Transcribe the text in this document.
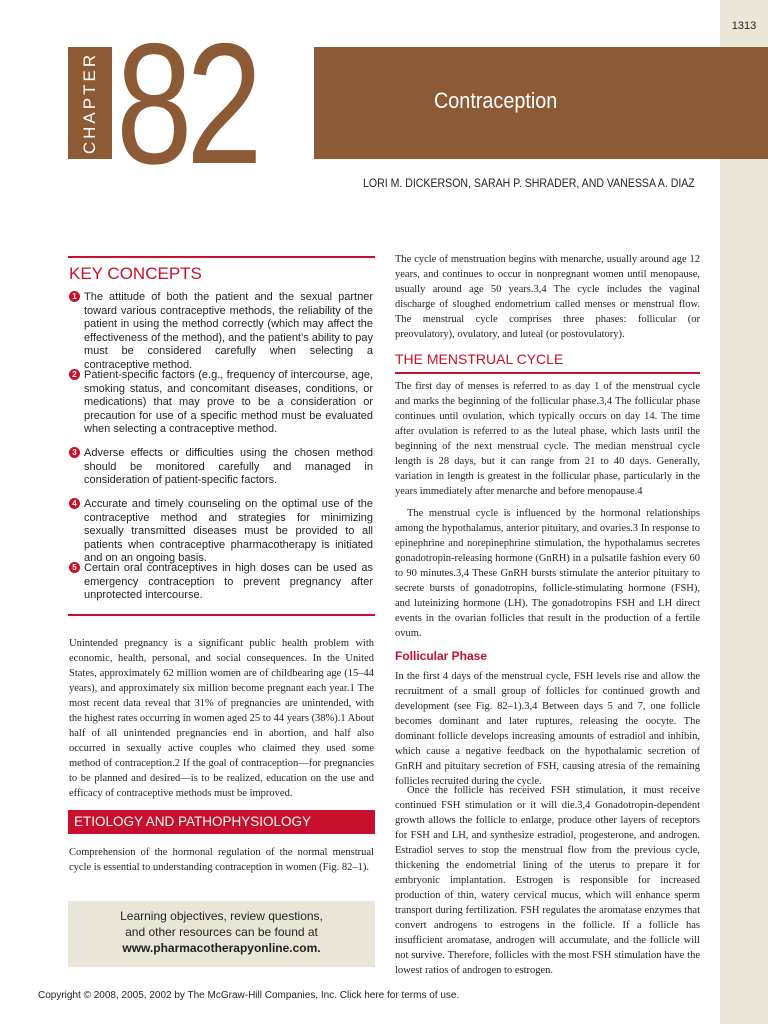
1313
CHAPTER 82	Contraception
LORI M. DICKERSON, SARAH P. SHRADER, AND VANESSA A. DIAZ
KEY CONCEPTS
1 The attitude of both the patient and the sexual partner toward various contraceptive methods, the reliability of the patient in using the method correctly (which may affect the effectiveness of the method), and the patient’s ability to pay must be considered carefully when selecting a contraceptive method.
2 Patient-specific factors (e.g., frequency of intercourse, age, smoking status, and concomitant diseases, conditions, or medications) that may prove to be a consideration or precaution for use of a specific method must be evaluated when selecting a contraceptive method.
3 Adverse effects or difficulties using the chosen method should be monitored carefully and managed in consideration of patient-specific factors.
4 Accurate and timely counseling on the optimal use of the contraceptive method and strategies for minimizing sexually transmitted diseases must be provided to all patients when contraceptive pharmacotherapy is initiated and on an ongoing basis.
5 Certain oral contraceptives in high doses can be used as emergency contraception to prevent pregnancy after unprotected intercourse.
Unintended pregnancy is a significant public health problem with economic, health, personal, and social consequences. In the United States, approximately 62 million women are of childbearing age (15–44 years), and approximately six million become pregnant each year.1 The most recent data reveal that 31% of pregnancies are unintended, with the highest rates occurring in women aged 25 to 44 years (38%).1 About half of all unintended pregnancies end in abortion, and half also occurred in sexually active couples who claimed they used some method of contraception.2 If the goal of contraception—for pregnancies to be planned and desired—is to be realized, education on the use and efficacy of contraceptive methods must be improved.
ETIOLOGY AND PATHOPHYSIOLOGY
Comprehension of the hormonal regulation of the normal menstrual cycle is essential to understanding contraception in women (Fig. 82–1).
Learning objectives, review questions,
and other resources can be found at
www.pharmacotherapyonline.com.
The cycle of menstruation begins with menarche, usually around age 12 years, and continues to occur in nonpregnant women until menopause, usually around age 50 years.3,4 The cycle includes the vaginal discharge of sloughed endometrium called menses or menstrual flow. The menstrual cycle comprises three phases: follicular (or preovulatory), ovulatory, and luteal (or postovulatory).
THE MENSTRUAL CYCLE
The first day of menses is referred to as day 1 of the menstrual cycle and marks the beginning of the follicular phase.3,4 The follicular phase continues until ovulation, which typically occurs on day 14. The time after ovulation is referred to as the luteal phase, which lasts until the beginning of the next menstrual cycle. The median menstrual cycle length is 28 days, but it can range from 21 to 40 days. Generally, variation in length is greatest in the follicular phase, particularly in the years immediately after menarche and before menopause.4
The menstrual cycle is influenced by the hormonal relationships among the hypothalamus, anterior pituitary, and ovaries.3 In response to epinephrine and norepinephrine stimulation, the hypothalamus secretes gonadotropin-releasing hormone (GnRH) in a pulsatile fashion every 60 to 90 minutes.3,4 These GnRH bursts stimulate the anterior pituitary to secrete bursts of gonadotropins, follicle-stimulating hormone (FSH), and luteinizing hormone (LH). The gonadotropins FSH and LH direct events in the ovarian follicles that result in the production of a fertile ovum.
Follicular Phase
In the first 4 days of the menstrual cycle, FSH levels rise and allow the recruitment of a small group of follicles for continued growth and development (see Fig. 82–1).3,4 Between days 5 and 7, one follicle becomes dominant and later ruptures, releasing the oocyte. The dominant follicle develops increasing amounts of estradiol and inhibin, which cause a negative feedback on the hypothalamic secretion of GnRH and pituitary secretion of FSH, causing atresia of the remaining follicles recruited during the cycle.
Once the follicle has received FSH stimulation, it must receive continued FSH stimulation or it will die.3,4 Gonadotropin-dependent growth allows the follicle to enlarge, produce other layers of receptors for FSH and LH, and synthesize estradiol, progesterone, and androgen. Estradiol serves to stop the menstrual flow from the previous cycle, thickening the endometrial lining of the uterus to prepare it for embryonic implantation. Estrogen is responsible for increased production of thin, watery cervical mucus, which will enhance sperm transport during fertilization. FSH regulates the aromatase enzymes that convert androgens to estrogens in the follicle. If a follicle has insufficient aromatase, androgen will accumulate, and the follicle will not survive. Therefore, follicles with the most FSH stimulation have the lowest ratios of androgen to estrogen.
Copyright © 2008, 2005, 2002 by The McGraw-Hill Companies, Inc. Click here for terms of use.
